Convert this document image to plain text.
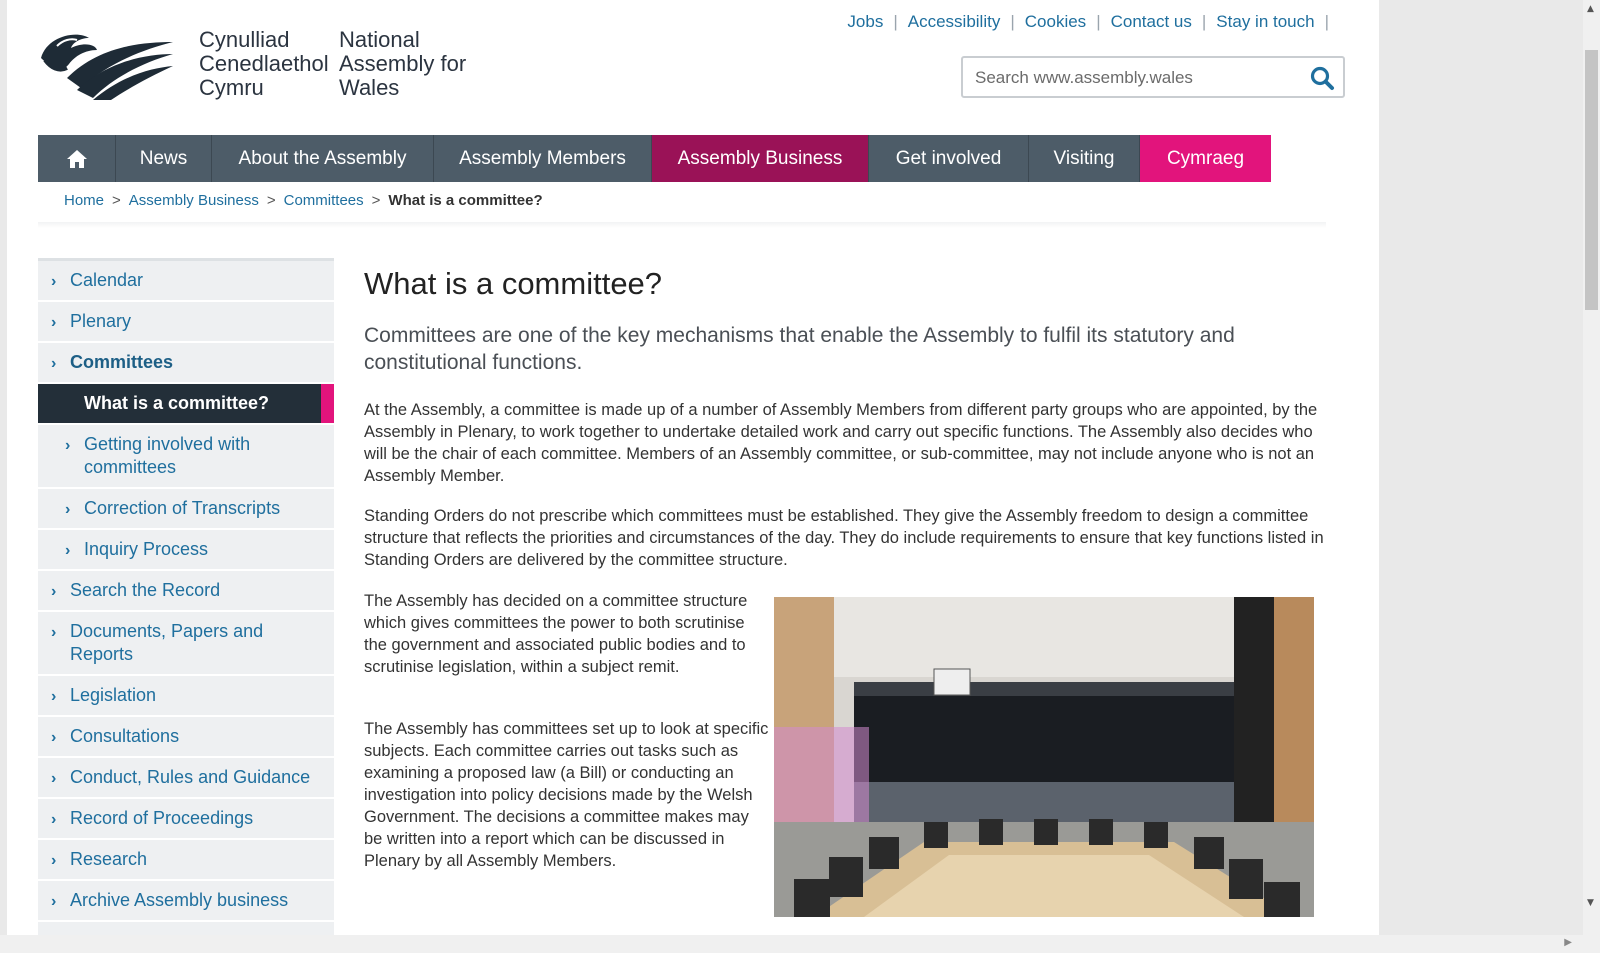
Cynulliad
Cenedlaethol
Cymru
National
Assembly for
Wales
Jobs | Accessibility | Cookies | Contact us | Stay in touch |
Search www.assembly.wales
News	About the Assembly	Assembly Members	Assembly Business	Get involved	Visiting	Cymraeg
Home > Assembly Business > Committees > What is a committee?
› Calendar
› Plenary
› Committees
What is a committee?
› Getting involved with committees
› Correction of Transcripts
› Inquiry Process
› Search the Record
› Documents, Papers and Reports
› Legislation
› Consultations
› Conduct, Rules and Guidance
› Record of Proceedings
› Research
› Archive Assembly business
What is a committee?

Committees are one of the key mechanisms that enable the Assembly to fulfil its statutory and constitutional functions.

At the Assembly, a committee is made up of a number of Assembly Members from different party groups who are appointed, by the Assembly in Plenary, to work together to undertake detailed work and carry out specific functions. The Assembly also decides who will be the chair of each committee. Members of an Assembly committee, or sub-committee, may not include anyone who is not an Assembly Member.

Standing Orders do not prescribe which committees must be established. They give the Assembly freedom to design a committee structure that reflects the priorities and circumstances of the day. They do include requirements to ensure that key functions listed in Standing Orders are delivered by the committee structure.

The Assembly has decided on a committee structure which gives committees the power to both scrutinise the government and associated public bodies and to scrutinise legislation, within a subject remit.

The Assembly has committees set up to look at specific subjects. Each committee carries out tasks such as examining a proposed law (a Bill) or conducting an investigation into policy decisions made by the Welsh Government. The decisions a committee makes may be written into a report which can be discussed in Plenary by all Assembly Members.

▲
▼
▶
